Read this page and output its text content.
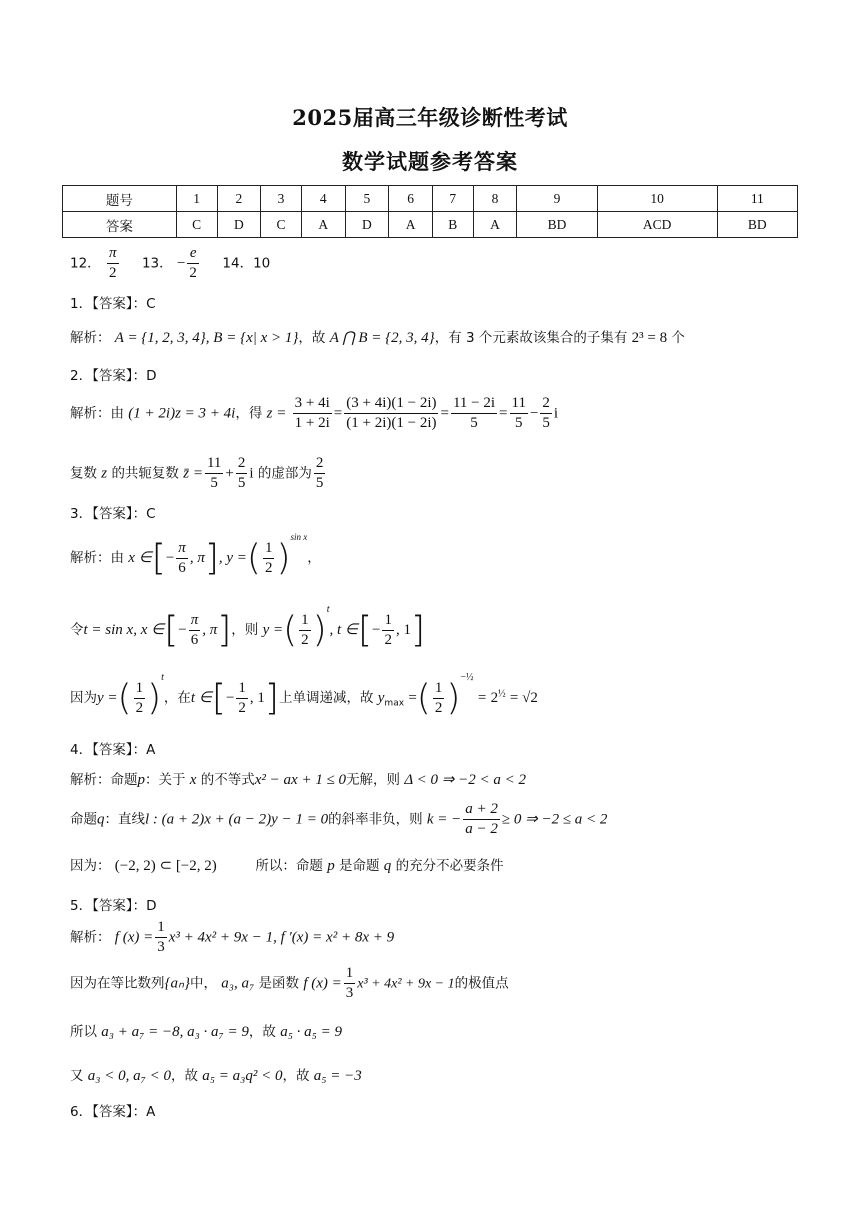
2025届高三年级诊断性考试
数学试题参考答案
题号	1	2	3	4	5	6	7	8	9	10	11
答案	C	D	C	A	D	A	B	A	BD	ACD	BD
12． $\frac{\pi}{2} 13$． − $\frac{e}{2} 14$．10
1．【答案】：C
解析： A = {1, 2, 3, 4}, B = {x| x > 1}，故 A ⋂ B = {2, 3, 4}，有 3 个元素故该集合的子集有 2³ = 8 个
2．【答案】：D
解析：由 (1 + 2i)z = 3 + 4i，得 $z = \frac{3 + 4i}{1 + 2i} = \frac{(3 + 4i)(1 - 2i)}{(1 + 2i)(1 - 2i)} = \frac{11 - 2i}{5} = \frac{11}{5} - \frac{2}{5}$ i
复数 z 的共轭复数 z̄ = $\frac{11}{5} + \frac{2}{5}$ i 的虚部为 $\frac{2}{5}$
3．【答案】：C
解析：由 x ∈[− $\frac{\pi}{6}$ , π], y =( $\frac{1}{2} )^{sin x}$，
令t = sin x, x ∈[− $\frac{\pi}{6}$ , π]，则 y =( $\frac{1}{2} )^t$, t ∈[− $\frac{1}{2}$ , 1]
因为y =( $\frac{1}{2} )^t$，在t ∈[− $\frac{1}{2}$ , 1]上单调递减，故 $y_{max}$ =( $\frac{1}{2} )^{-\frac{1}{2}} = 2^{\frac{1}{2}} = √2$
4．【答案】：A
解析：命题p：关于 x 的不等式x² − ax + 1 ≤ 0无解，则 Δ < 0 ⇒ −2 < a < 2
命题q：直线l : (a + 2)x + (a − 2)y − 1 = 0的斜率非负，则 k = − $\frac{a + 2}{a - 2} \ge 0$ ⇒ −2 ≤ a < 2
因为： (−2, 2) ⊂ [−2, 2)	所以：命题 p 是命题 q 的充分不必要条件
5．【答案】：D
解析： f $(x) = \frac{1}{3} x^3 + 4x^2 + 9x - 1$, f ′(x) = x² + 8x + 9
因为在等比数列{aₙ}中， a₃, a₇ 是函数 f $(x) = \frac{1}{3} x^3 + 4x^2 + 9x - 1$的极值点
所以 a₃ + a₇ = −8, a₃ · a₇ = 9，故 a₅ · a₅ = 9
又 a₃ < 0, a₇ < 0，故 a₅ = a₃q² < 0，故 a₅ = −3
6．【答案】：A
